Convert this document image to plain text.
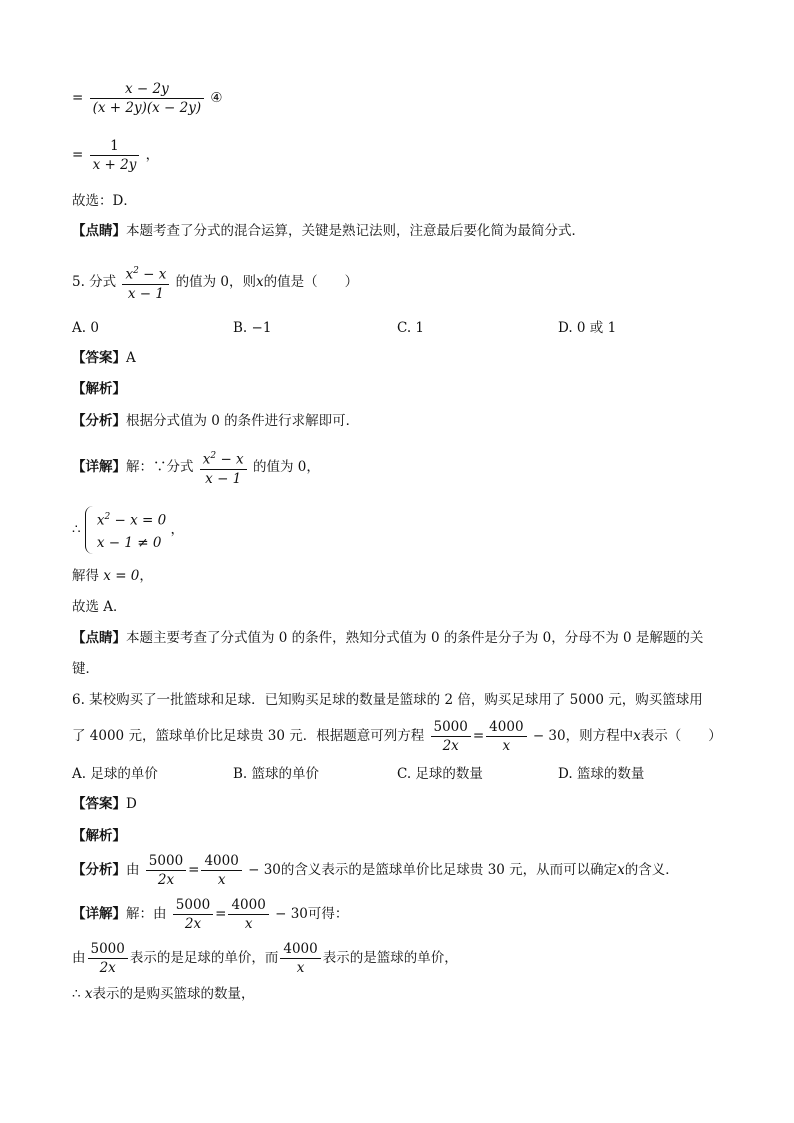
= $\frac{x - 2y}{(x + 2y)(x - 2y)}$ ④
= $\frac{1}{x + 2y}$ ，
故选：D．
【点睛】本题考查了分式的混合运算，关键是熟记法则，注意最后要化简为最简分式．
5. 分式 $\frac{x^2 - x}{x - 1}$ 的值为 0，则x的值是（　　）
A. 0	B. −1	C. 1	D. 0 或 1
【答案】A
【解析】
【分析】根据分式值为 0 的条件进行求解即可．
【详解】解：∵分式 $\frac{x^2 - x}{x - 1}$ 的值为 0，
∴
$x^2 - x = 0$
x − 1 ≠ 0
，
解得 x = 0，
故选 A．
【点睛】本题主要考查了分式值为 0 的条件，熟知分式值为 0 的条件是分子为 0，分母不为 0 是解题的关
键．
6. 某校购买了一批篮球和足球．已知购买足球的数量是篮球的 2 倍，购买足球用了 5000 元，购买篮球用
了 4000 元，篮球单价比足球贵 30 元．根据题意可列方程 $\frac{5000}{2x} = \frac{4000}{x} - 30$，则方程中x表示（　　）
A. 足球的单价	B. 篮球的单价	C. 足球的数量	D. 篮球的数量
【答案】D
【解析】
【分析】由 $\frac{5000}{2x} = \frac{4000}{x} - 30$的含义表示的是篮球单价比足球贵 30 元，从而可以确定x的含义．
【详解】解：由 $\frac{5000}{2x} = \frac{4000}{x} - 30$可得：
由 $\frac{5000}{2x}$ 表示的是足球的单价，而 $\frac{4000}{x}$ 表示的是篮球的单价，
∴ x表示的是购买篮球的数量，
